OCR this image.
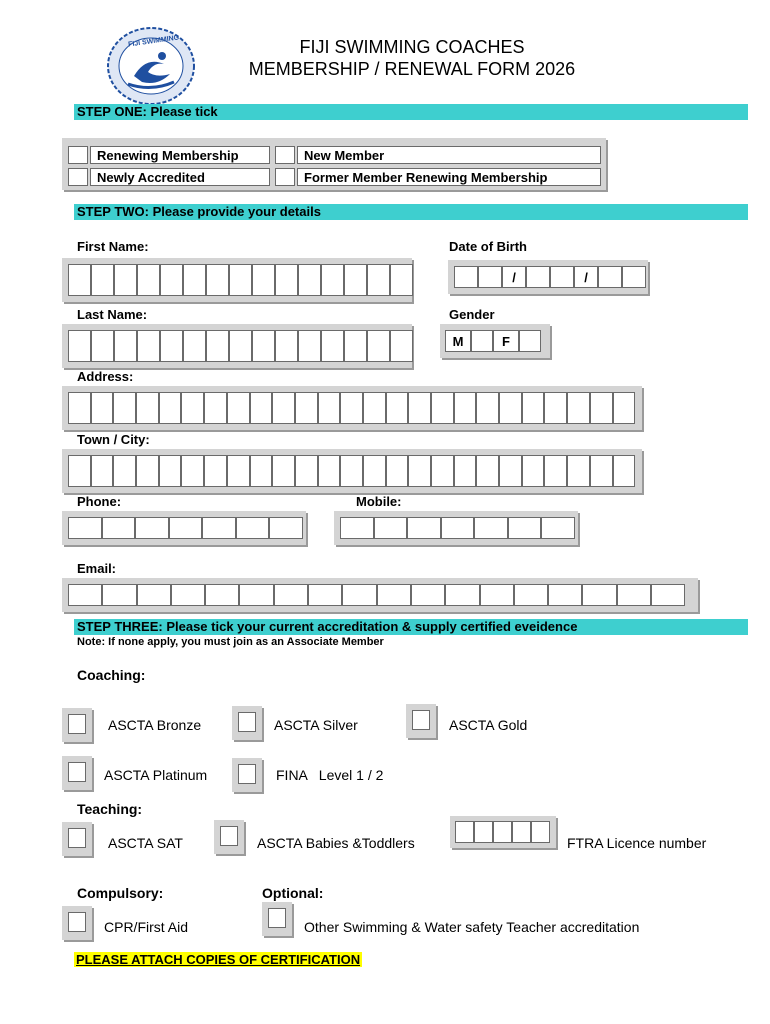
FIJI SWIMMING	FIJI SWIMMING COACHES
MEMBERSHIP / RENEWAL FORM 2026
STEP ONE: Please tick
Renewing Membership	New Member
Newly Accredited	Former Member Renewing Membership
STEP TWO: Please provide your details
First Name:	Date of Birth
/	/
Last Name:	Gender
M	F
Address:
Town / City:
Phone:	Mobile:
Email:
STEP THREE: Please tick your current accreditation & supply certified eveidence
Note: If none apply, you must join as an Associate Member
Coaching:
ASCTA Bronze	ASCTA Silver	ASCTA Gold
ASCTA Platinum	FINA   Level 1 / 2
Teaching:
ASCTA SAT	ASCTA Babies &Toddlers	FTRA Licence number
Compulsory:	Optional:
CPR/First Aid	Other Swimming & Water safety Teacher accreditation
PLEASE ATTACH COPIES OF CERTIFICATION
